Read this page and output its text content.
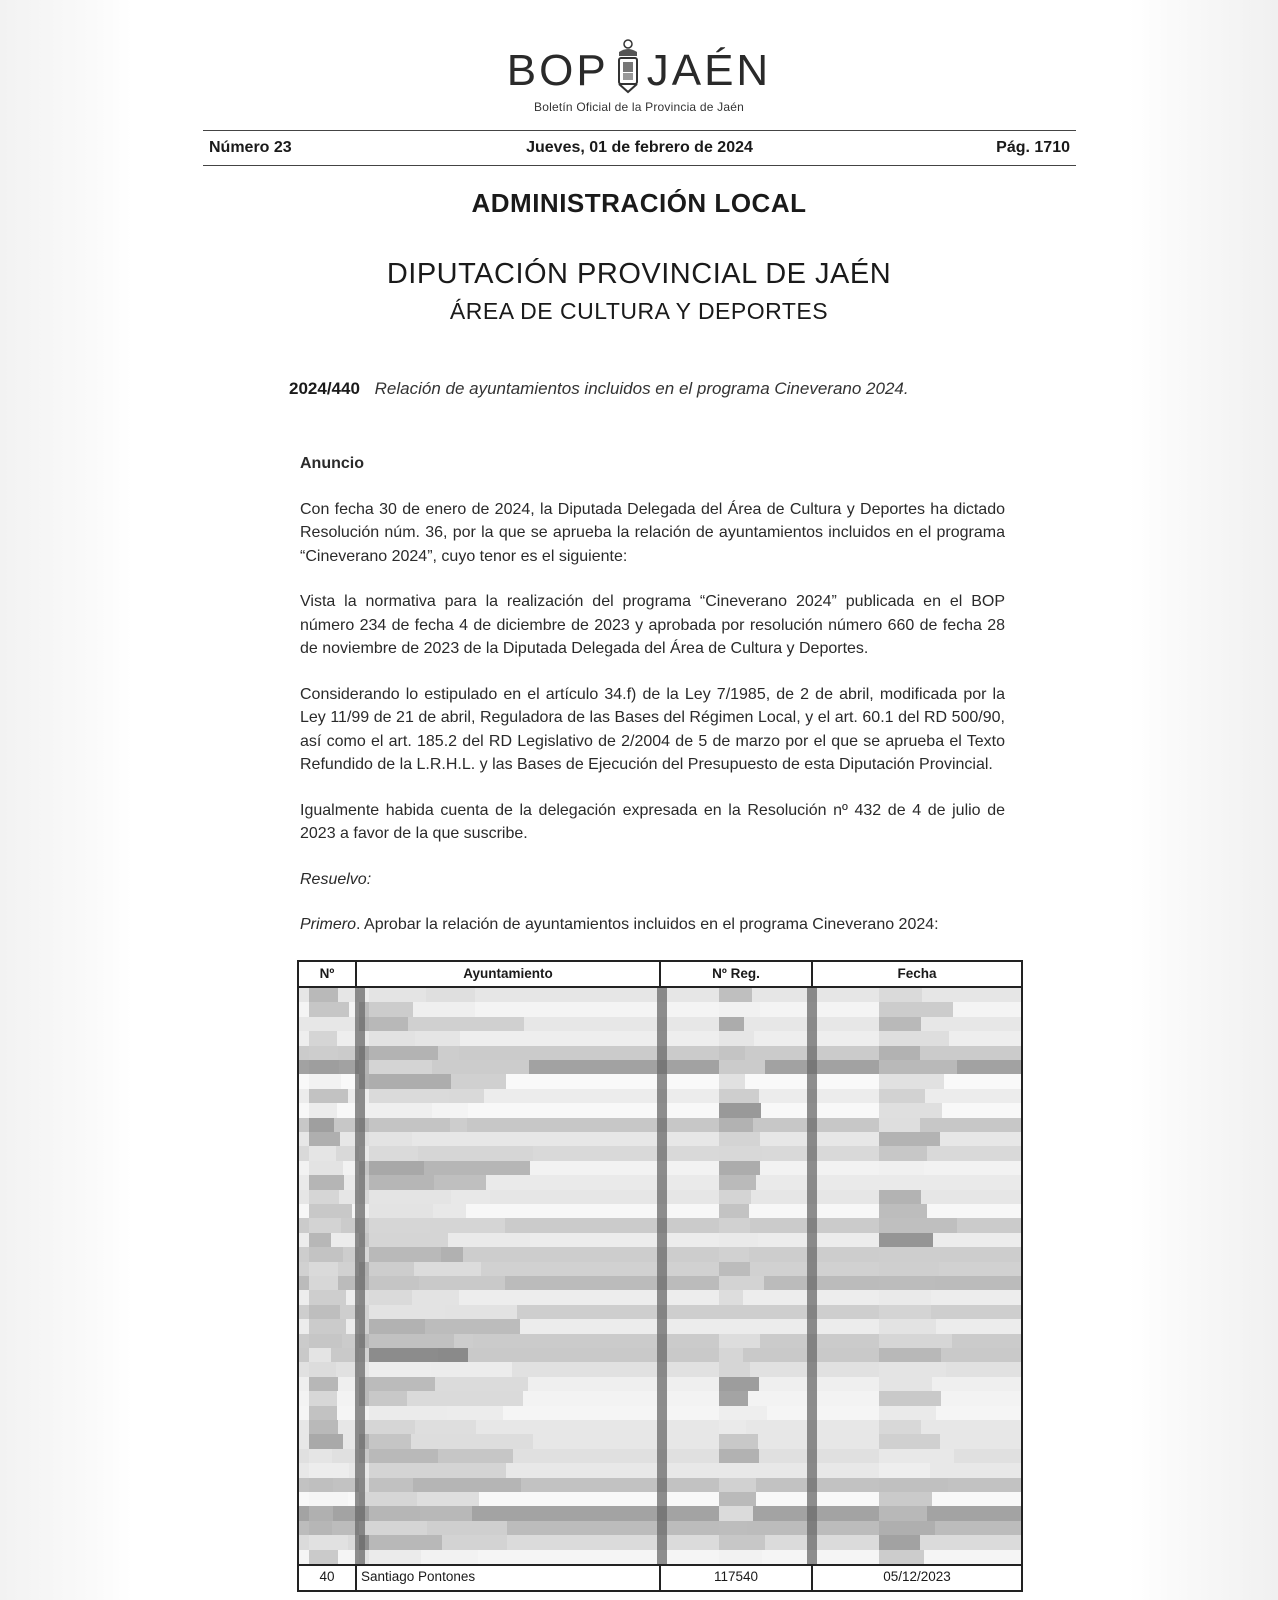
BOP JAÉN
Boletín Oficial de la Provincia de Jaén
Número 23	Jueves, 01 de febrero de 2024	Pág. 1710
ADMINISTRACIÓN LOCAL
DIPUTACIÓN PROVINCIAL DE JAÉN
ÁREA DE CULTURA Y DEPORTES
2024/440 Relación de ayuntamientos incluidos en el programa Cineverano 2024.

Anuncio

Con fecha 30 de enero de 2024, la Diputada Delegada del Área de Cultura y Deportes ha dictado Resolución núm. 36, por la que se aprueba la relación de ayuntamientos incluidos en el programa “Cineverano 2024”, cuyo tenor es el siguiente:

Vista la normativa para la realización del programa “Cineverano 2024” publicada en el BOP número 234 de fecha 4 de diciembre de 2023 y aprobada por resolución número 660 de fecha 28 de noviembre de 2023 de la Diputada Delegada del Área de Cultura y Deportes.

Considerando lo estipulado en el artículo 34.f) de la Ley 7/1985, de 2 de abril, modificada por la Ley 11/99 de 21 de abril, Reguladora de las Bases del Régimen Local, y el art. 60.1 del RD 500/90, así como el art. 185.2 del RD Legislativo de 2/2004 de 5 de marzo por el que se aprueba el Texto Refundido de la L.R.H.L. y las Bases de Ejecución del Presupuesto de esta Diputación Provincial.

Igualmente habida cuenta de la delegación expresada en la Resolución nº 432 de 4 de julio de 2023 a favor de la que suscribe.

Resuelvo:

Primero. Aprobar la relación de ayuntamientos incluidos en el programa Cineverano 2024:

Nº	Ayuntamiento	Nº Reg.	Fecha
40	Santiago Pontones	117540	05/12/2023
